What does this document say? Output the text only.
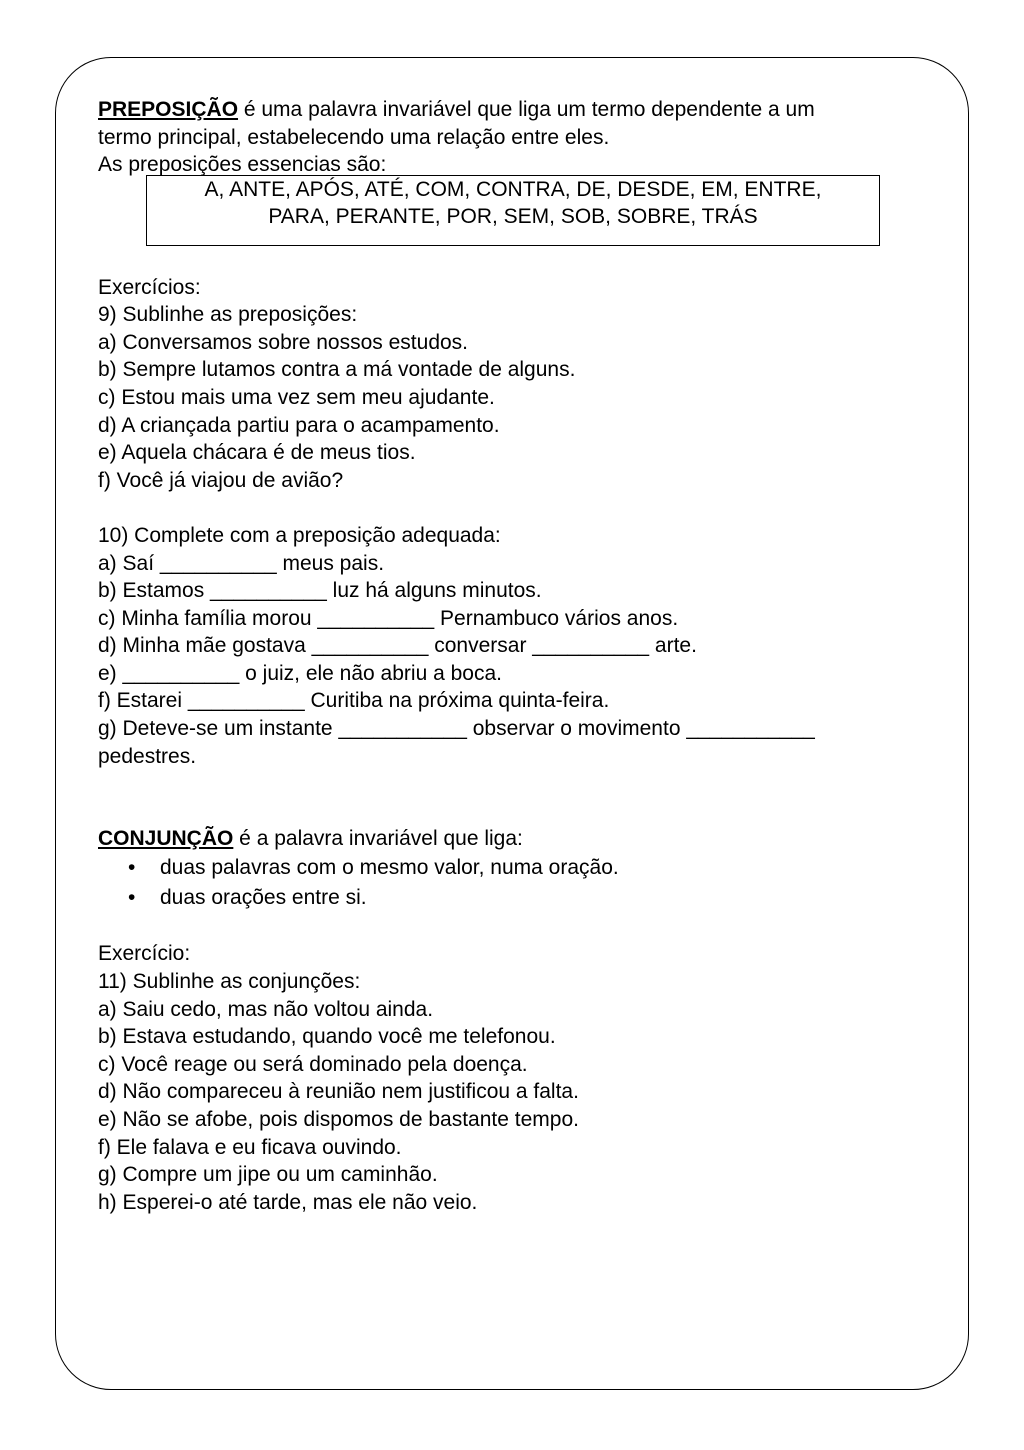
PREPOSIÇÃO é uma palavra invariável que liga um termo dependente a um
termo principal, estabelecendo uma relação entre eles.
As preposições essencias são:
A, ANTE, APÓS, ATÉ, COM, CONTRA, DE, DESDE, EM, ENTRE,
PARA, PERANTE, POR, SEM, SOB, SOBRE, TRÁS
Exercícios:
9) Sublinhe as preposições:
a) Conversamos sobre nossos estudos.
b) Sempre lutamos contra a má vontade de alguns.
c) Estou mais uma vez sem meu ajudante.
d) A criançada partiu para o acampamento.
e) Aquela chácara é de meus tios.
f) Você já viajou de avião?
10) Complete com a preposição adequada:
a) Saí __________ meus pais.
b) Estamos __________ luz há alguns minutos.
c) Minha família morou __________ Pernambuco vários anos.
d) Minha mãe gostava __________ conversar __________ arte.
e) __________ o juiz, ele não abriu a boca.
f) Estarei __________ Curitiba na próxima quinta-feira.
g) Deteve-se um instante ___________ observar o movimento ___________
pedestres.
CONJUNÇÃO é a palavra invariável que liga:
• duas palavras com o mesmo valor, numa oração.
• duas orações entre si.
Exercício:
11) Sublinhe as conjunções:
a) Saiu cedo, mas não voltou ainda.
b) Estava estudando, quando você me telefonou.
c) Você reage ou será dominado pela doença.
d) Não compareceu à reunião nem justificou a falta.
e) Não se afobe, pois dispomos de bastante tempo.
f) Ele falava e eu ficava ouvindo.
g) Compre um jipe ou um caminhão.
h) Esperei-o até tarde, mas ele não veio.
